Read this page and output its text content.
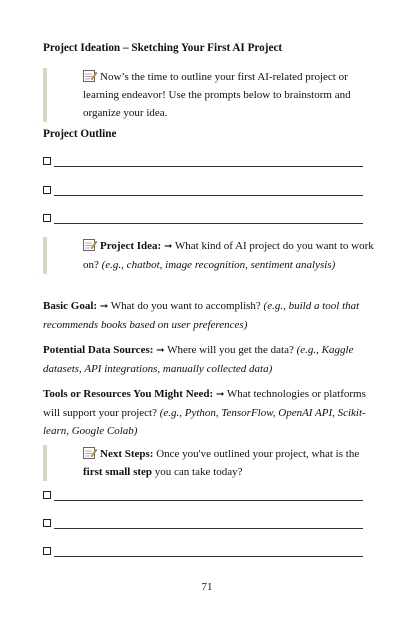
Project Ideation – Sketching Your First AI Project
Now’s the time to outline your first AI-related project or learning endeavor! Use the prompts below to brainstorm and organize your idea.
Project Outline
Project Idea: ➞ What kind of AI project do you want to work on? (e.g., chatbot, image recognition, sentiment analysis)
Basic Goal: ➞ What do you want to accomplish? (e.g., build a tool that recommends books based on user preferences)
Potential Data Sources: ➞ Where will you get the data? (e.g., Kaggle datasets, API integrations, manually collected data)
Tools or Resources You Might Need: ➞ What technologies or platforms will support your project? (e.g., Python, TensorFlow, OpenAI API, Scikit-learn, Google Colab)
Next Steps: Once you've outlined your project, what is the first small step you can take today?
71
